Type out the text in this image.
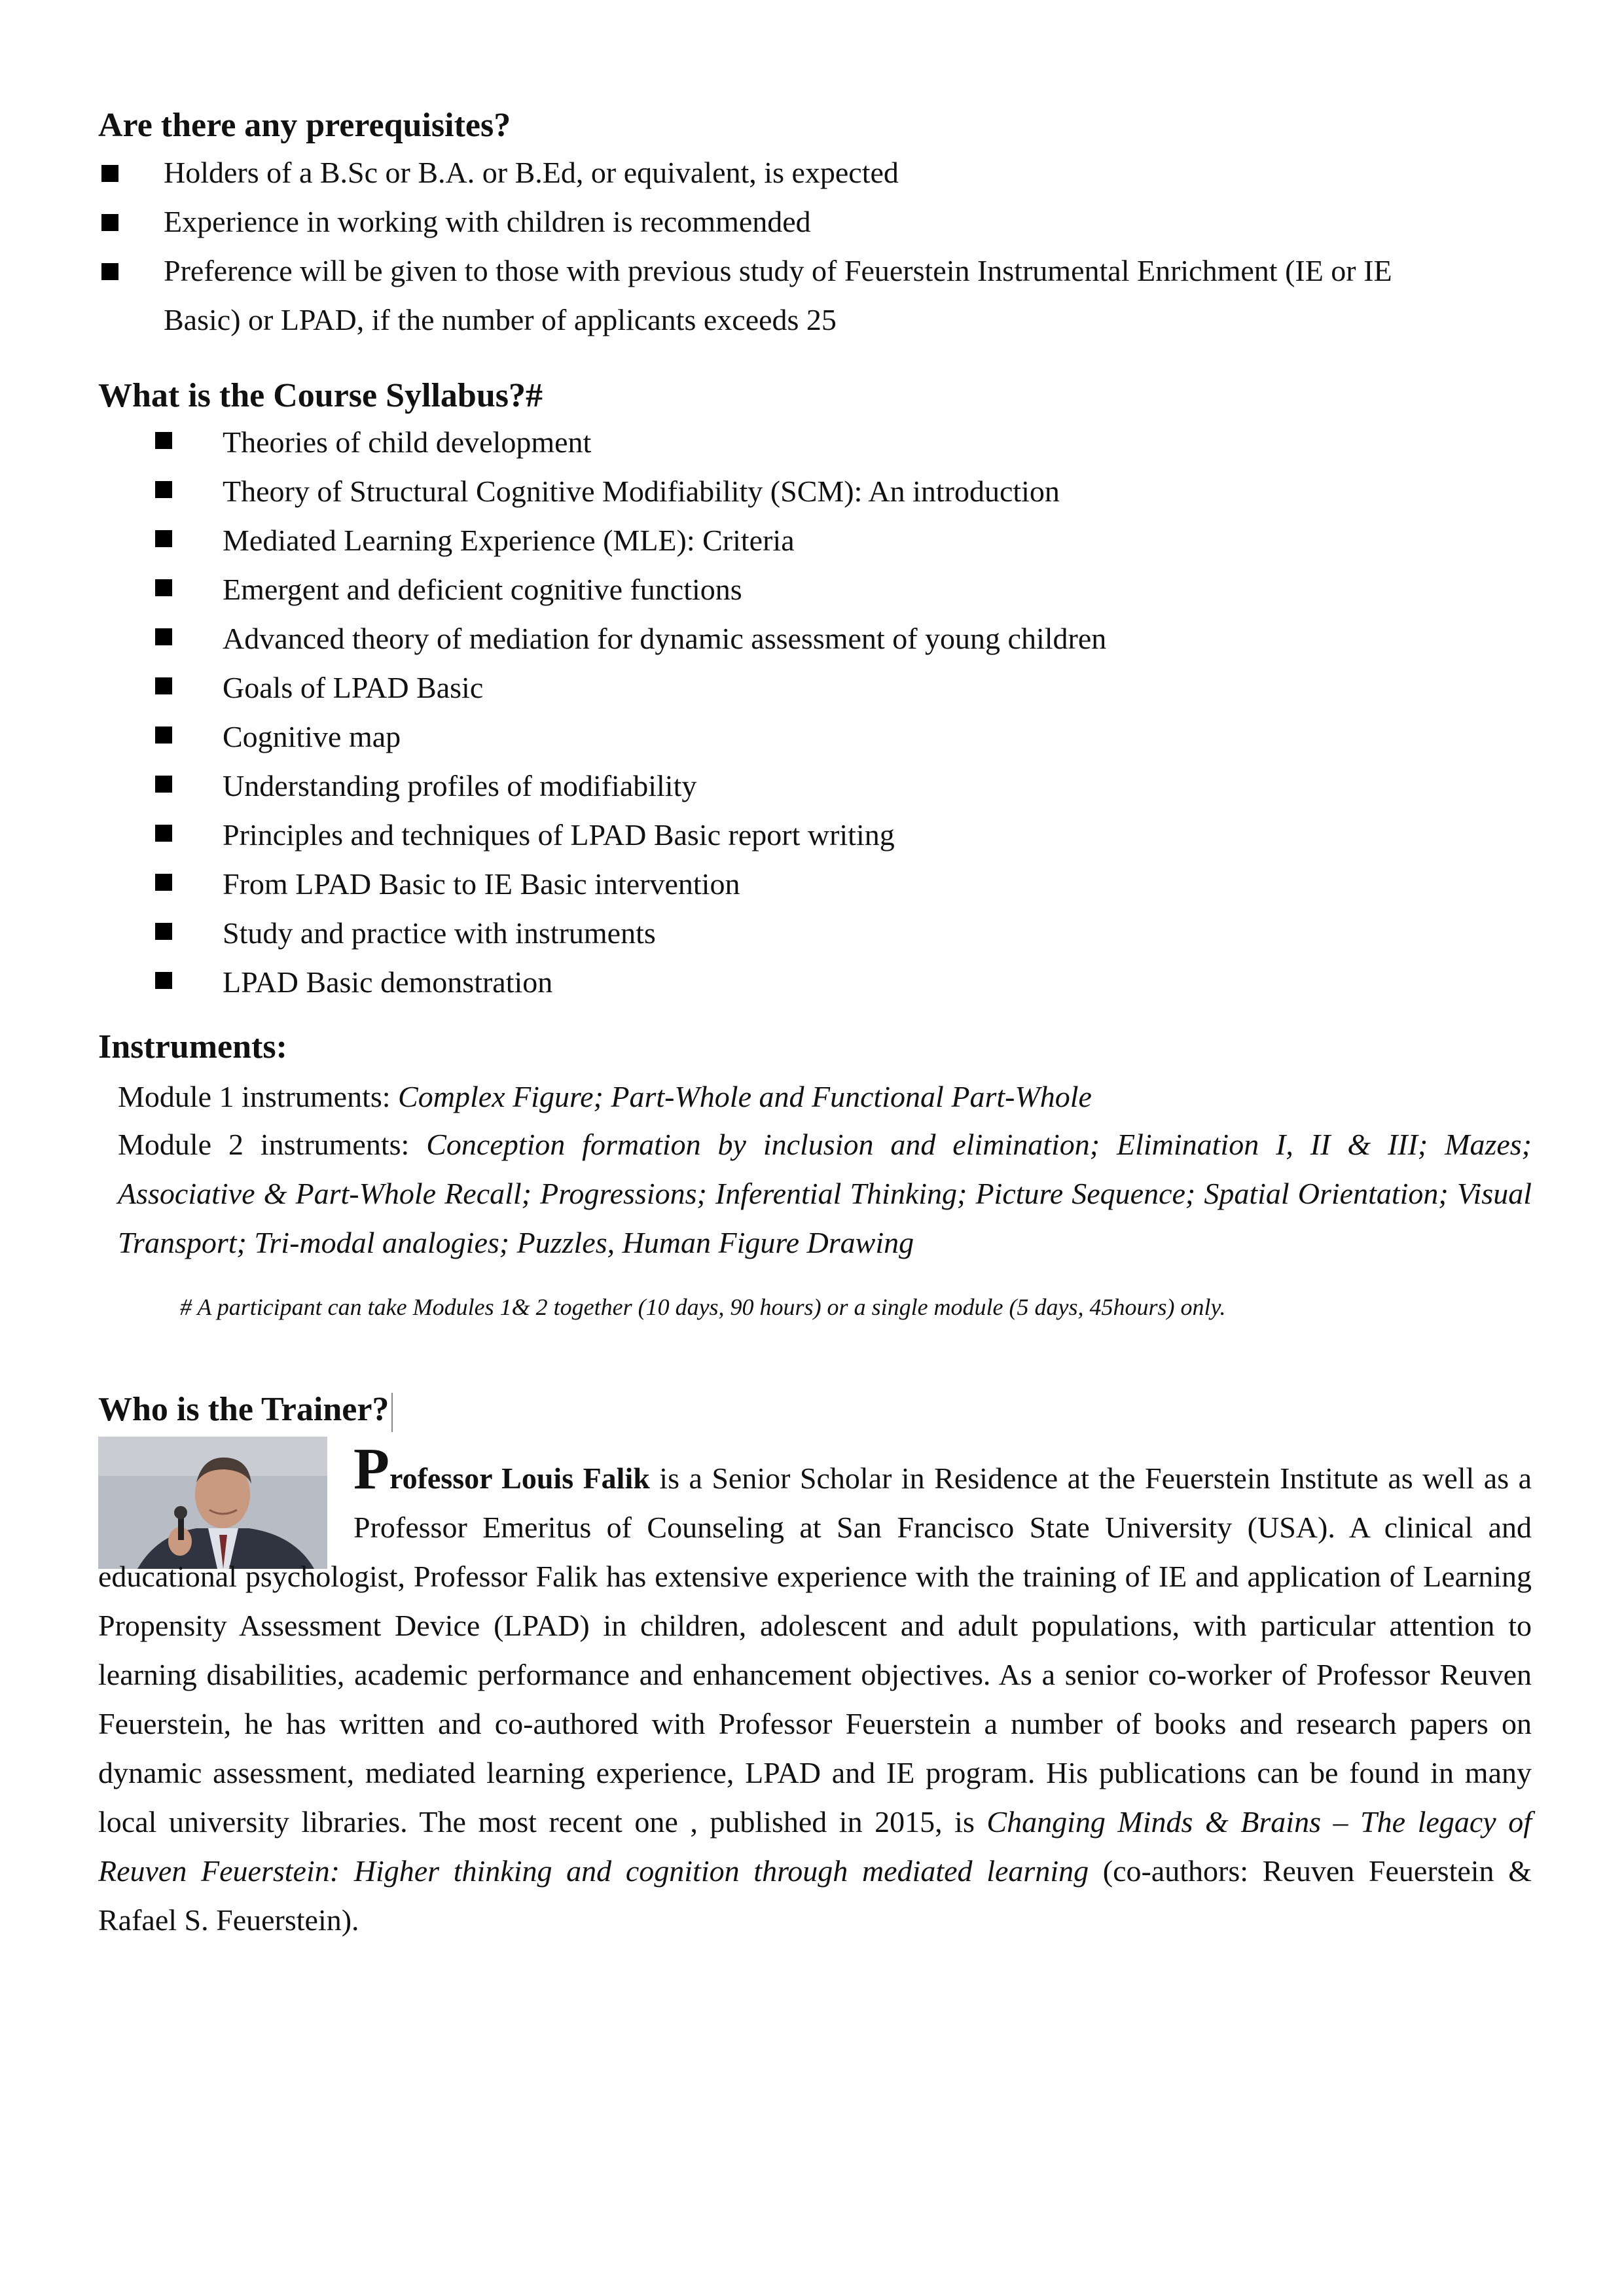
Are there any prerequisites?

Holders of a B.Sc or B.A. or B.Ed, or equivalent, is expected

Experience in working with children is recommended

Preference will be given to those with previous study of Feuerstein Instrumental Enrichment (IE or IE

Basic) or LPAD, if the number of applicants exceeds 25

What is the Course Syllabus?#

Theories of child development

Theory of Structural Cognitive Modifiability (SCM): An introduction

Mediated Learning Experience (MLE): Criteria

Emergent and deficient cognitive functions

Advanced theory of mediation for dynamic assessment of young children

Goals of LPAD Basic

Cognitive map

Understanding profiles of modifiability

Principles and techniques of LPAD Basic report writing

From LPAD Basic to IE Basic intervention

Study and practice with instruments

LPAD Basic demonstration

Instruments:

Module 1 instruments: Complex Figure; Part-Whole and Functional Part-Whole

Module 2 instruments: Conception formation by inclusion and elimination; Elimination I, II & III; Mazes; Associative & Part-Whole Recall; Progressions; Inferential Thinking; Picture Sequence; Spatial Orientation; Visual Transport; Tri-modal analogies; Puzzles, Human Figure Drawing

# A participant can take Modules 1& 2 together (10 days, 90 hours) or a single module (5 days, 45hours) only.

Who is the Trainer?

Professor Louis Falik is a Senior Scholar in Residence at the Feuerstein Institute as well as a Professor Emeritus of Counseling at San Francisco State University (USA). A clinical and educational psychologist, Professor Falik has extensive experience with the training of IE and application of Learning Propensity Assessment Device (LPAD) in children, adolescent and adult populations, with particular attention to learning disabilities, academic performance and enhancement objectives. As a senior co-worker of Professor Reuven Feuerstein, he has written and co-authored with Professor Feuerstein a number of books and research papers on dynamic assessment, mediated learning experience, LPAD and IE program. His publications can be found in many local university libraries. The most recent one , published in 2015, is Changing Minds & Brains – The legacy of Reuven Feuerstein: Higher thinking and cognition through mediated learning (co-authors: Reuven Feuerstein & Rafael S. Feuerstein).
